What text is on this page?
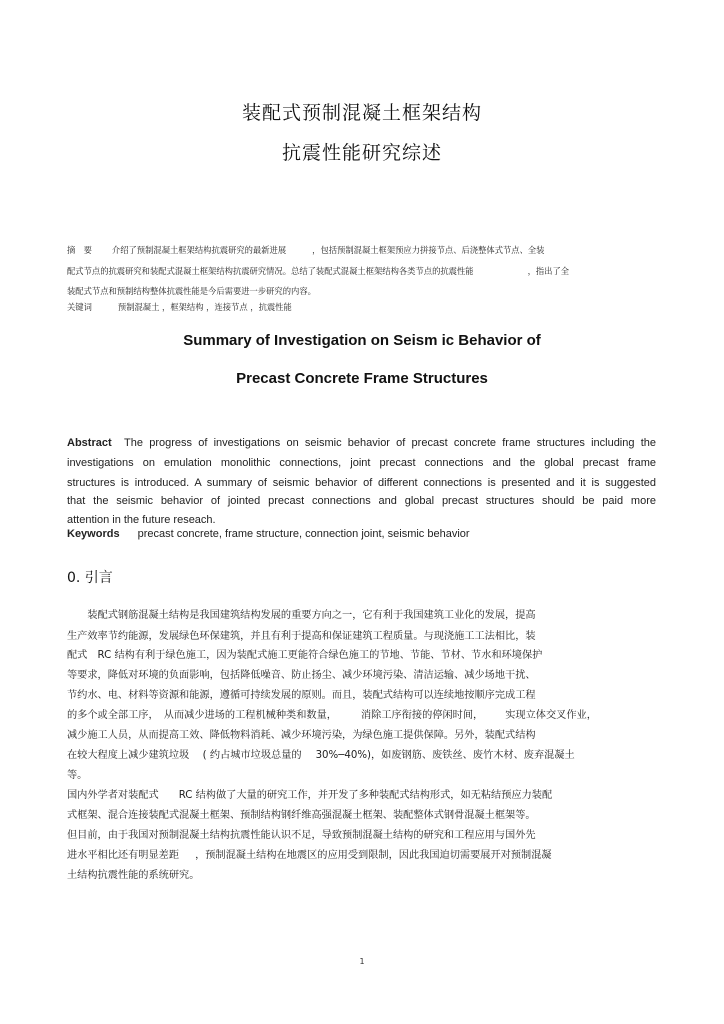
装配式预制混凝土框架结构
抗震性能研究综述
摘　要 介绍了预制混凝土框架结构抗震研究的最新进展	，包括预制混凝土框架预应力拼接节点、后浇整体式节点、全装
配式节点的抗震研究和装配式混凝土框架结构抗震研究情况。总结了装配式混凝土框架结构各类节点的抗震性能	，指出了全
装配式节点和预制结构整体抗震性能是今后需要进一步研究的内容。
关键词	预制混凝土 ，框架结构 ，连接节点 ，抗震性能
Summary of Investigation on Seism ic Behavior of
Precast Concrete Frame Structures
Abstract The progress of investigations on seismic behavior of precast concrete frame structures including the
investigations on emulation monolithic connections, joint precast connections and the global precast frame
structures is introduced. A summary of seismic behavior of different connections is presented and it is suggested
that the seismic behavior of jointed precast connections and global precast structures should be paid more
attention in the future reseach.
Keywords precast concrete, frame structure, connection joint, seismic behavior
0. 引言
　　装配式钢筋混凝土结构是我国建筑结构发展的重要方向之一，它有利于我国建筑工业化的发展，提高
生产效率节约能源，发展绿色环保建筑，并且有利于提高和保证建筑工程质量。与现浇施工工法相比，装
配式　RC 结构有利于绿色施工，因为装配式施工更能符合绿色施工的节地、节能、节材、节水和环境保护
等要求，降低对环境的负面影响，包括降低噪音、防止扬尘、减少环境污染、清洁运输、减少场地干扰、
节约水、电、材料等资源和能源，遵循可持续发展的原则。而且，装配式结构可以连续地按顺序完成工程
的多个或全部工序，　从而减少进场的工程机械种类和数量， 消除工序衔接的停闲时间， 实现立体交叉作业，
减少施工人员，从而提高工效、降低物料消耗、减少环境污染，为绿色施工提供保障。另外，装配式结构
在较大程度上减少建筑垃圾　 ( 约占城市垃圾总量的 30%─40%)，如废钢筋、废铁丝、废竹木材、废弃混凝土
等。
国内外学者对装配式 RC 结构做了大量的研究工作，并开发了多种装配式结构形式，如无粘结预应力装配
式框架、混合连接装配式混凝土框架、预制结构钢纤维高强混凝土框架、装配整体式钢骨混凝土框架等。
但目前，由于我国对预制混凝土结构抗震性能认识不足，导致预制混凝土结构的研究和工程应用与国外先
进水平相比还有明显差距 ，预制混凝土结构在地震区的应用受到限制，因此我国迫切需要展开对预制混凝
土结构抗震性能的系统研究。
1
